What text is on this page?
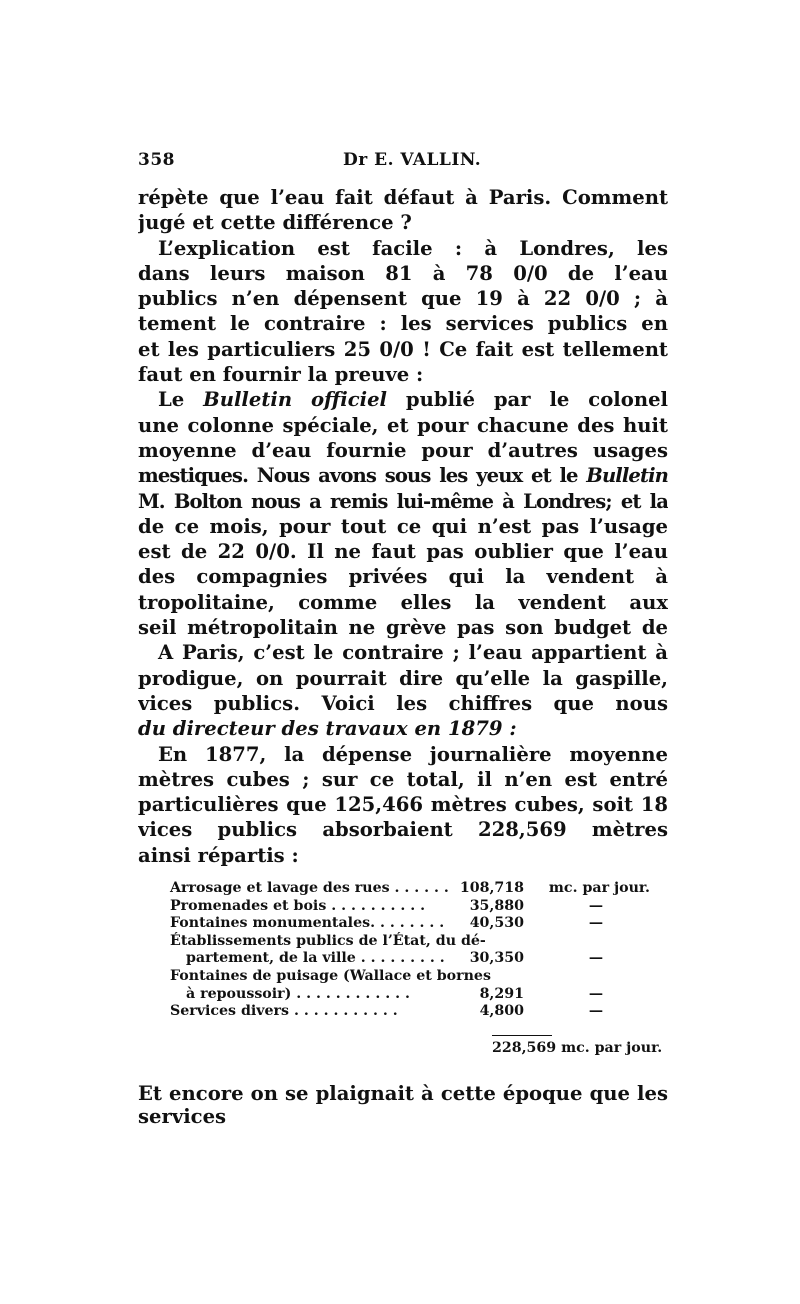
358	Dr E. VALLIN.
répète que l’eau fait défaut à Paris. Comment
jugé et cette différence ?
L’explication est facile : à Londres, les
dans leurs maison 81 à 78 0/0 de l’eau
publics n’en dépensent que 19 à 22 0/0 ; à
tement le contraire : les services publics en
et les particuliers 25 0/0 ! Ce fait est tellement
faut en fournir la preuve :
Le Bulletin officiel publié par le colonel
une colonne spéciale, et pour chacune des huit
moyenne d’eau fournie pour d’autres usages
mestiques. Nous avons sous les yeux et le Bulletin
M. Bolton nous a remis lui-même à Londres; et la
de ce mois, pour tout ce qui n’est pas l’usage
est de 22 0/0. Il ne faut pas oublier que l’eau
des compagnies privées qui la vendent à
tropolitaine, comme elles la vendent aux
seil métropolitain ne grève pas son budget de
A Paris, c’est le contraire ; l’eau appartient à
prodigue, on pourrait dire qu’elle la gaspille,
vices publics. Voici les chiffres que nous
du directeur des travaux en 1879 :
En 1877, la dépense journalière moyenne
mètres cubes ; sur ce total, il n’en est entré
particulières que 125,466 mètres cubes, soit 18
vices publics absorbaient 228,569 mètres
ainsi répartis :
Arrosage et lavage des rues . . . . . . 108,718	mc. par jour.
Promenades et bois . . . . . . . . . .	35,880	—
Fontaines monumentales. . . . . . . . 40,530	—
Établissements publics de l’État, du dé-
partement, de la ville . . . . . . . . . 30,350	—
Fontaines de puisage (Wallace et bornes
à repoussoir) . . . . . . . . . . . .	8,291	—
Services divers . . . . . . . . . . .	4,800	—
228,569 mc. par jour.
Et encore on se plaignait à cette époque que les services
